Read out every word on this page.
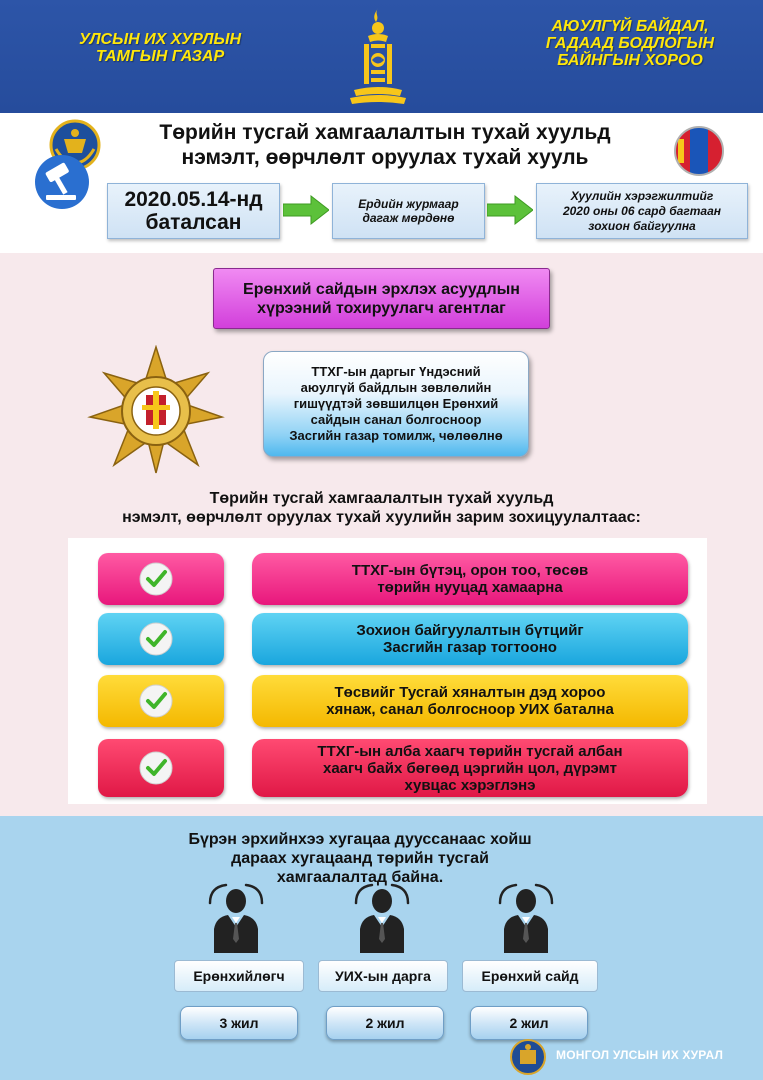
УЛСЫН ИХ ХУРЛЫН
ТАМГЫН ГАЗАР
АЮУЛГҮЙ БАЙДАЛ,
ГАДААД БОДЛОГЫН
БАЙНГЫН ХОРОО
Төрийн тусгай хамгаалалтын тухай хуульд
нэмэлт, өөрчлөлт оруулах тухай хууль
2020.05.14-нд
баталсан
Ердийн журмаар
дагаж мөрдөнө
Хуулийн хэрэгжилтийг
2020 оны 06 сард багтаан
зохион байгуулна
Ерөнхий сайдын эрхлэх асуудлын
хүрээний тохируулагч агентлаг
ТТХГ-ын даргыг Үндэсний
аюулгүй байдлын зөвлөлийн
гишүүдтэй зөвшилцөн Ерөнхий
сайдын санал болгосноор
Засгийн газар томилж, чөлөөлнө
Төрийн тусгай хамгаалалтын тухай хуульд
нэмэлт, өөрчлөлт оруулах тухай хуулийн зарим зохицуулалтаас:
ТТХГ-ын бүтэц, орон тоо, төсөв
төрийн нууцад хамаарна
Зохион байгуулалтын бүтцийг
Засгийн газар тогтооно
Төсвийг Тусгай хяналтын дэд хороо
хянаж, санал болгосноор УИХ батална
ТТХГ-ын алба хаагч төрийн тусгай албан
хаагч байх бөгөөд цэргийн цол, дүрэмт
хувцас хэрэглэнэ
Бүрэн эрхийнхээ хугацаа дууссанаас хойш
дараах хугацаанд төрийн тусгай
хамгаалалтад байна.
Ерөнхийлөгч	УИХ-ын дарга	Ерөнхий сайд
3 жил	2 жил	2 жил
МОНГОЛ УЛСЫН ИХ ХУРАЛ
